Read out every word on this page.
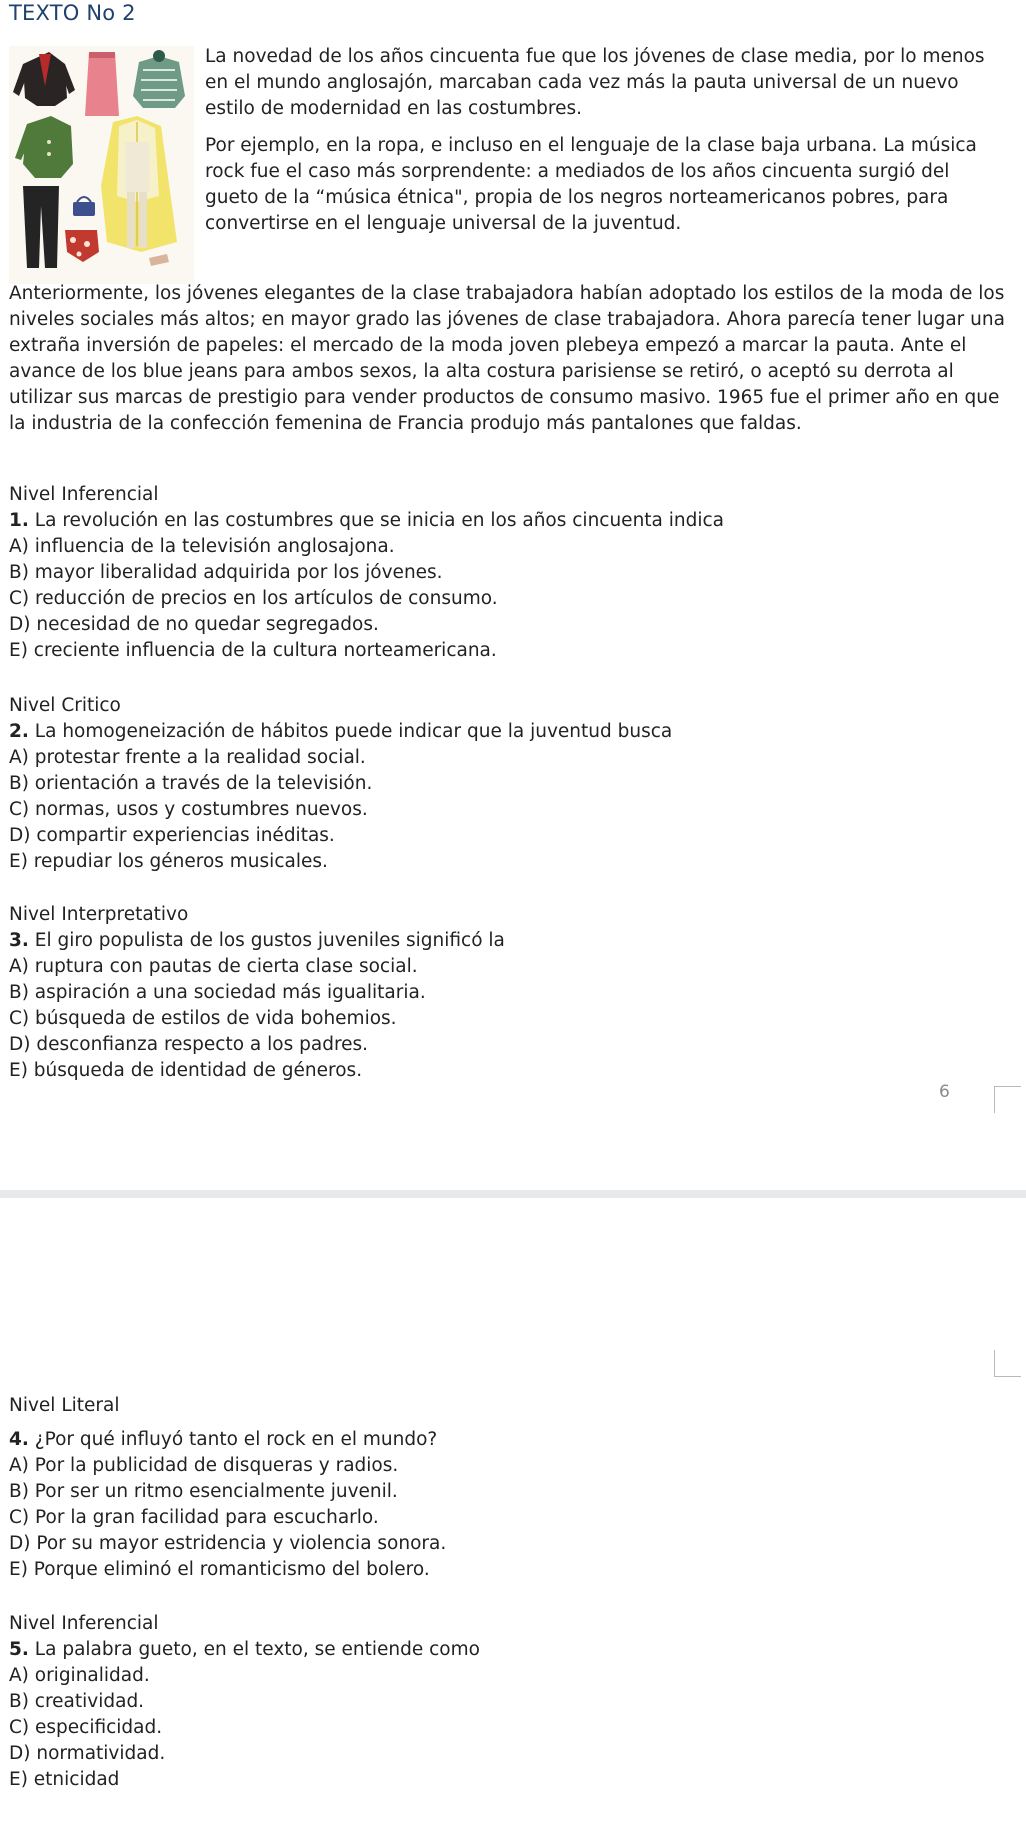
TEXTO No 2

La novedad de los años cincuenta fue que los jóvenes de clase media, por lo menos en el mundo anglosajón, marcaban cada vez más la pauta universal de un nuevo estilo de modernidad en las costumbres.

Por ejemplo, en la ropa, e incluso en el lenguaje de la clase baja urbana. La música rock fue el caso más sorprendente: a mediados de los años cincuenta surgió del gueto de la “música étnica", propia de los negros norteamericanos pobres, para convertirse en el lenguaje universal de la juventud.

Anteriormente, los jóvenes elegantes de la clase trabajadora habían adoptado los estilos de la moda de los niveles sociales más altos; en mayor grado las jóvenes de clase trabajadora. Ahora parecía tener lugar una extraña inversión de papeles: el mercado de la moda joven plebeya empezó a marcar la pauta. Ante el avance de los blue jeans para ambos sexos, la alta costura parisiense se retiró, o aceptó su derrota al utilizar sus marcas de prestigio para vender productos de consumo masivo. 1965 fue el primer año en que la industria de la confección femenina de Francia produjo más pantalones que faldas.

Nivel Inferencial

1. La revolución en las costumbres que se inicia en los años cincuenta indica

A) influencia de la televisión anglosajona.
B) mayor liberalidad adquirida por los jóvenes.
C) reducción de precios en los artículos de consumo.
D) necesidad de no quedar segregados.
E) creciente influencia de la cultura norteamericana.

Nivel Critico

2. La homogeneización de hábitos puede indicar que la juventud busca

A) protestar frente a la realidad social.
B) orientación a través de la televisión.
C) normas, usos y costumbres nuevos.
D) compartir experiencias inéditas.
E) repudiar los géneros musicales.

Nivel Interpretativo

3. El giro populista de los gustos juveniles significó la

A) ruptura con pautas de cierta clase social.
B) aspiración a una sociedad más igualitaria.
C) búsqueda de estilos de vida bohemios.
D) desconfianza respecto a los padres.
E) búsqueda de identidad de géneros.
6

Nivel Literal

4. ¿Por qué influyó tanto el rock en el mundo?

A) Por la publicidad de disqueras y radios.
B) Por ser un ritmo esencialmente juvenil.
C) Por la gran facilidad para escucharlo.
D) Por su mayor estridencia y violencia sonora.
E) Porque eliminó el romanticismo del bolero.

Nivel Inferencial

5. La palabra gueto, en el texto, se entiende como

A) originalidad.
B) creatividad.
C) especificidad.
D) normatividad.
E) etnicidad
